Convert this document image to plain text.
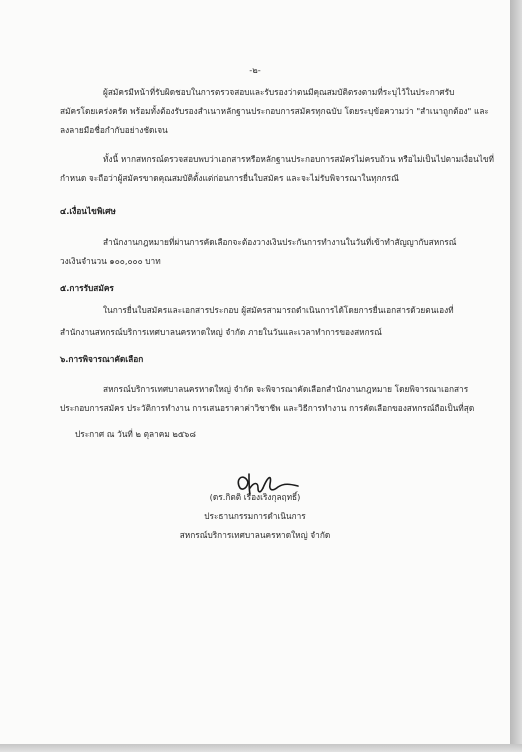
-๒-
ผู้สมัครมีหน้าที่รับผิดชอบในการตรวจสอบและรับรองว่าตนมีคุณสมบัติตรงตามที่ระบุไว้ในประกาศรับ
สมัครโดยเคร่งครัด พร้อมทั้งต้องรับรองสำเนาหลักฐานประกอบการสมัครทุกฉบับ โดยระบุข้อความว่า "สำเนาถูกต้อง" และ
ลงลายมือชื่อกำกับอย่างชัดเจน
ทั้งนี้ หากสหกรณ์ตรวจสอบพบว่าเอกสารหรือหลักฐานประกอบการสมัครไม่ครบถ้วน หรือไม่เป็นไปตามเงื่อนไขที่
กำหนด จะถือว่าผู้สมัครขาดคุณสมบัติตั้งแต่ก่อนการยื่นใบสมัคร และจะไม่รับพิจารณาในทุกกรณี
๔.เงื่อนไขพิเศษ
สำนักงานกฎหมายที่ผ่านการคัดเลือกจะต้องวางเงินประกันการทำงานในวันที่เข้าทำสัญญากับสหกรณ์
วงเงินจำนวน ๑๐๐,๐๐๐ บาท
๕.การรับสมัคร
ในการยื่นใบสมัครและเอกสารประกอบ ผู้สมัครสามารถดำเนินการได้โดยการยื่นเอกสารด้วยตนเองที่
สำนักงานสหกรณ์บริการเทศบาลนครหาดใหญ่ จำกัด ภายในวันและเวลาทำการของสหกรณ์
๖.การพิจารณาคัดเลือก
สหกรณ์บริการเทศบาลนครหาดใหญ่ จำกัด จะพิจารณาคัดเลือกสำนักงานกฎหมาย โดยพิจารณาเอกสาร
ประกอบการสมัคร ประวัติการทำงาน การเสนอราคาค่าวิชาชีพ และวิธีการทำงาน การคัดเลือกของสหกรณ์ถือเป็นที่สุด
ประกาศ ณ วันที่ ๒ ตุลาคม ๒๕๖๘
(ดร.กิตติ เรืองเริงกุลฤทธิ์)
ประธานกรรมการดำเนินการ
สหกรณ์บริการเทศบาลนครหาดใหญ่ จำกัด
